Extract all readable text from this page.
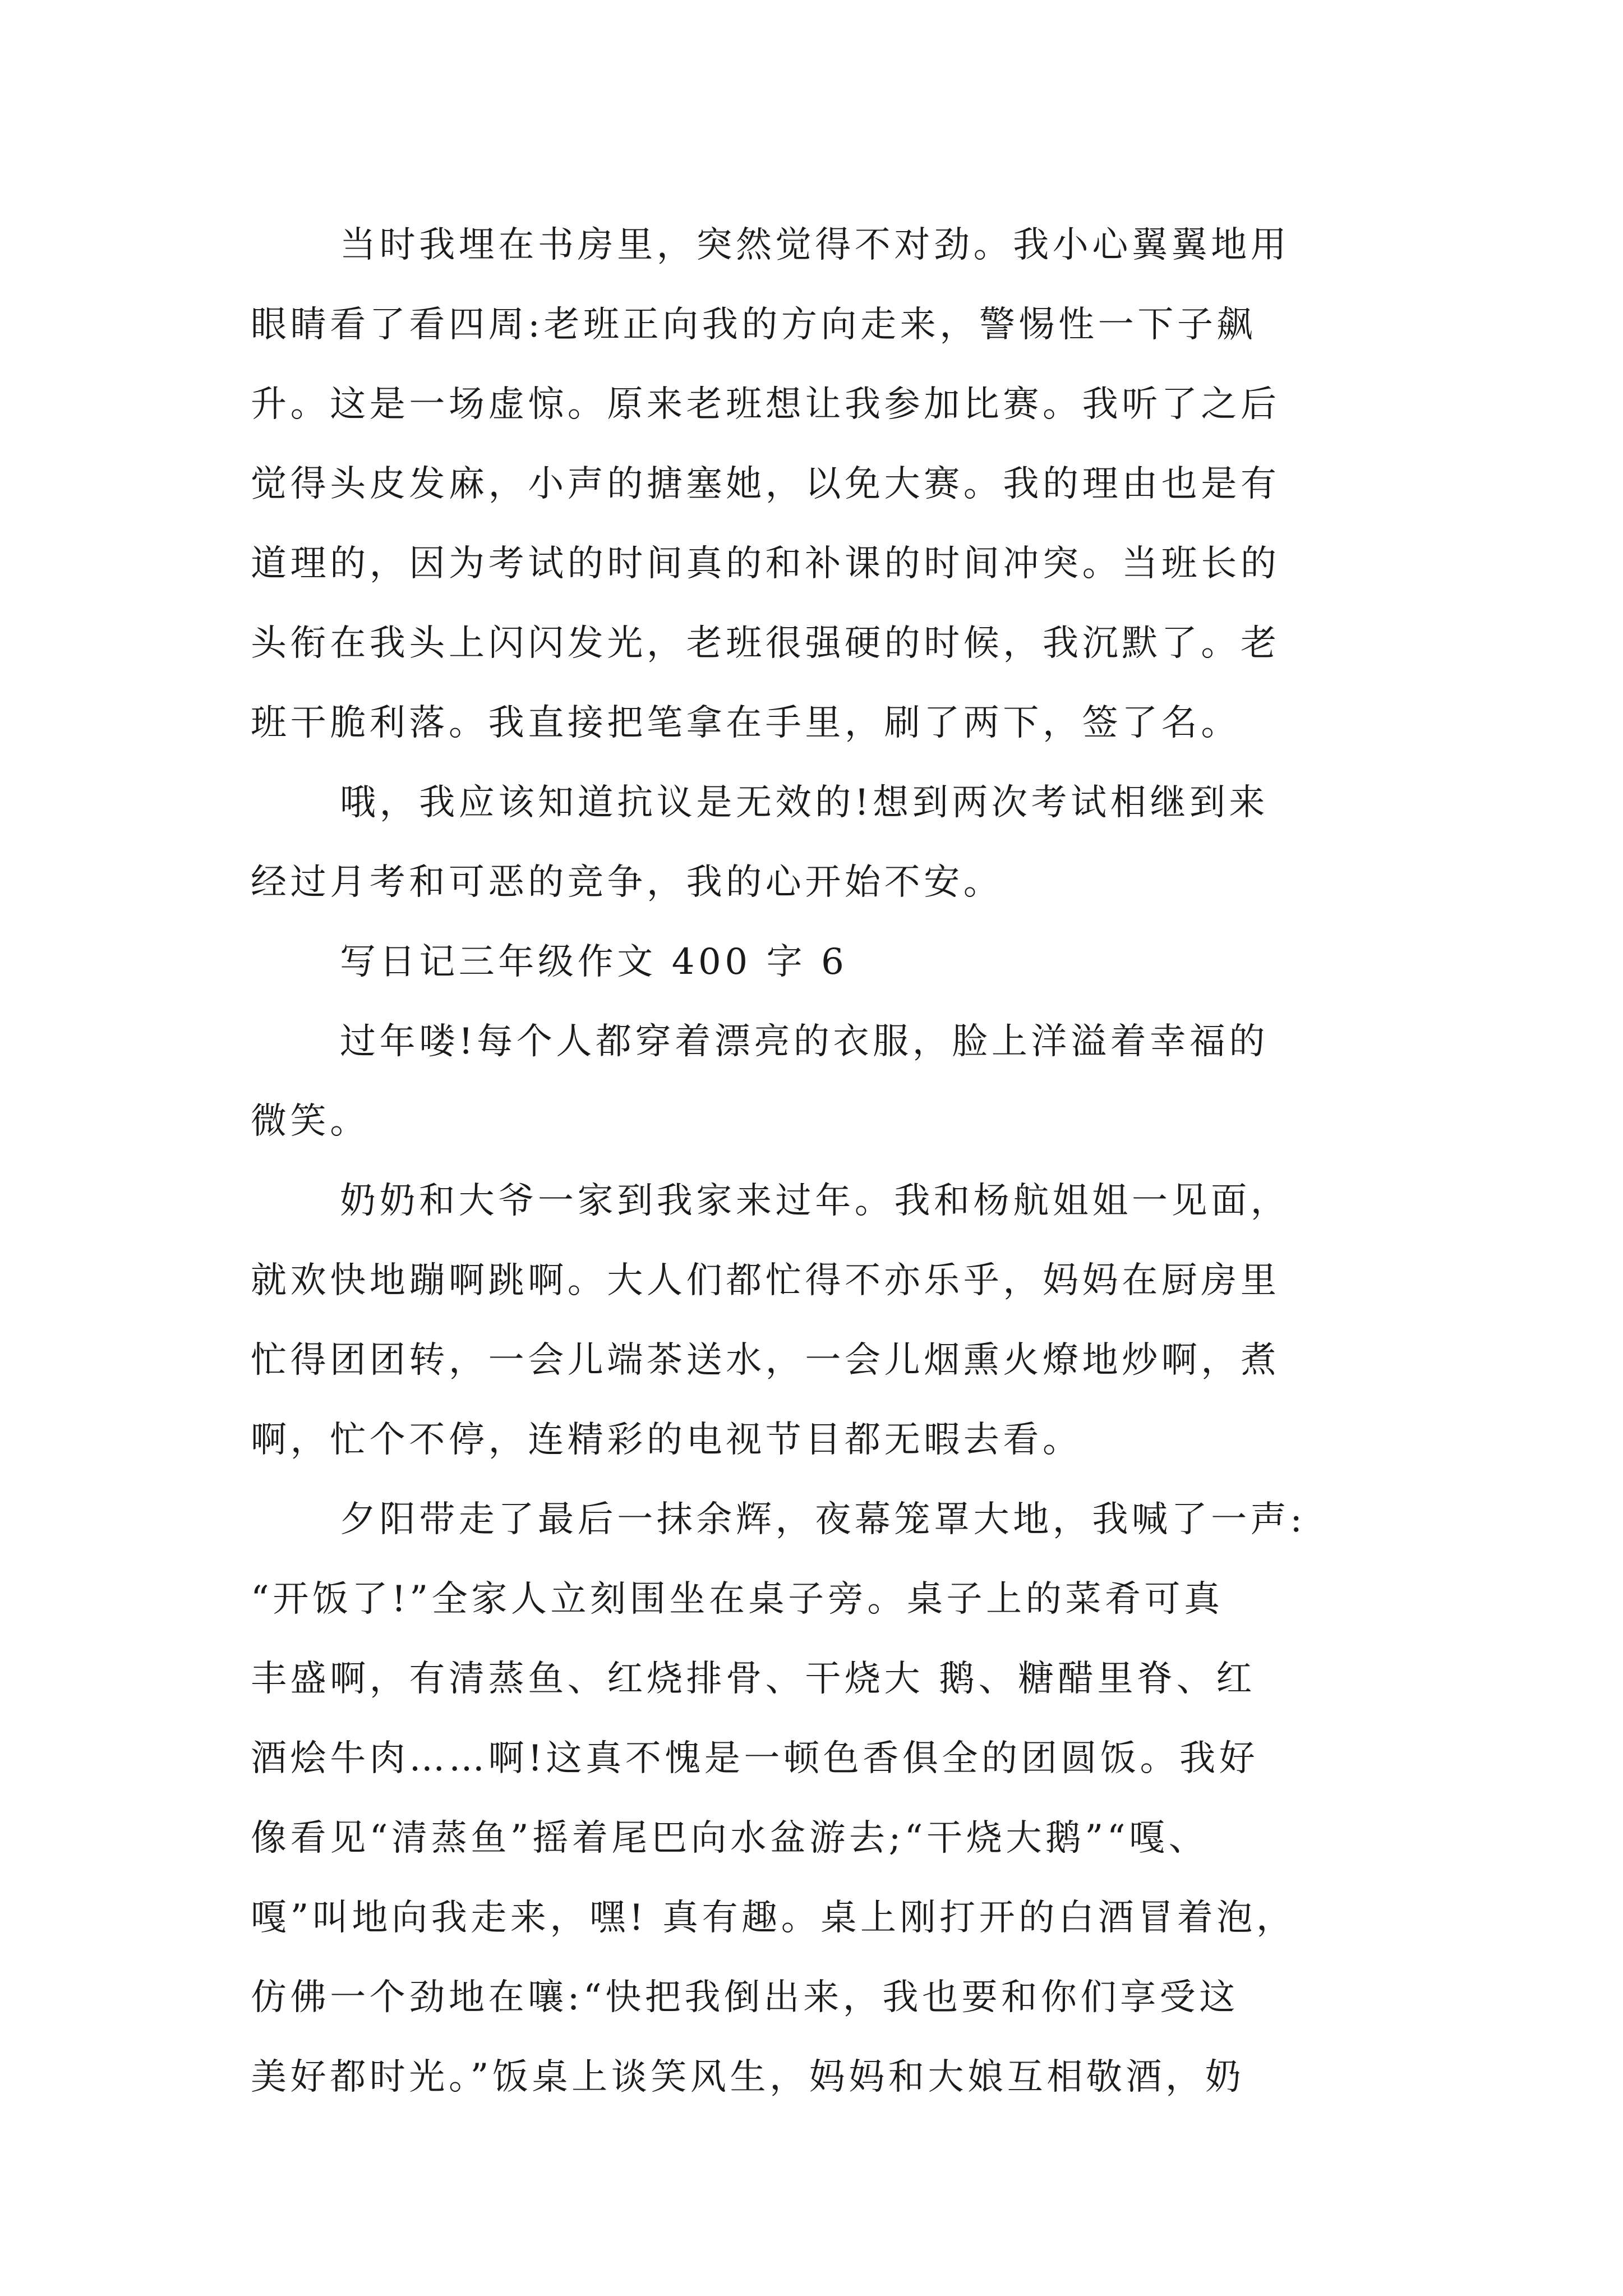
当时我埋在书房里，突然觉得不对劲。我小心翼翼地用
眼睛看了看四周:老班正向我的方向走来，警惕性一下子飙
升。这是一场虚惊。原来老班想让我参加比赛。我听了之后
觉得头皮发麻，小声的搪塞她，以免大赛。我的理由也是有
道理的，因为考试的时间真的和补课的时间冲突。当班长的
头衔在我头上闪闪发光，老班很强硬的时候，我沉默了。老
班干脆利落。我直接把笔拿在手里，刷了两下，签了名。
哦，我应该知道抗议是无效的!想到两次考试相继到来
经过月考和可恶的竞争，我的心开始不安。
写日记三年级作文 400 字 6
过年喽!每个人都穿着漂亮的衣服，脸上洋溢着幸福的
微笑。
奶奶和大爷一家到我家来过年。我和杨航姐姐一见面，
就欢快地蹦啊跳啊。大人们都忙得不亦乐乎，妈妈在厨房里
忙得团团转，一会儿端茶送水，一会儿烟熏火燎地炒啊，煮
啊，忙个不停，连精彩的电视节目都无暇去看。
夕阳带走了最后一抹余辉，夜幕笼罩大地，我喊了一声:
“开饭了!”全家人立刻围坐在桌子旁。桌子上的菜肴可真
丰盛啊，有清蒸鱼、红烧排骨、干烧大 鹅、糖醋里脊、红
酒烩牛肉……啊!这真不愧是一顿色香俱全的团圆饭。我好
像看见“清蒸鱼”摇着尾巴向水盆游去;“干烧大鹅”“嘎、
嘎”叫地向我走来，嘿! 真有趣。桌上刚打开的白酒冒着泡，
仿佛一个劲地在嚷:“快把我倒出来，我也要和你们享受这
美好都时光。”饭桌上谈笑风生，妈妈和大娘互相敬酒，奶
